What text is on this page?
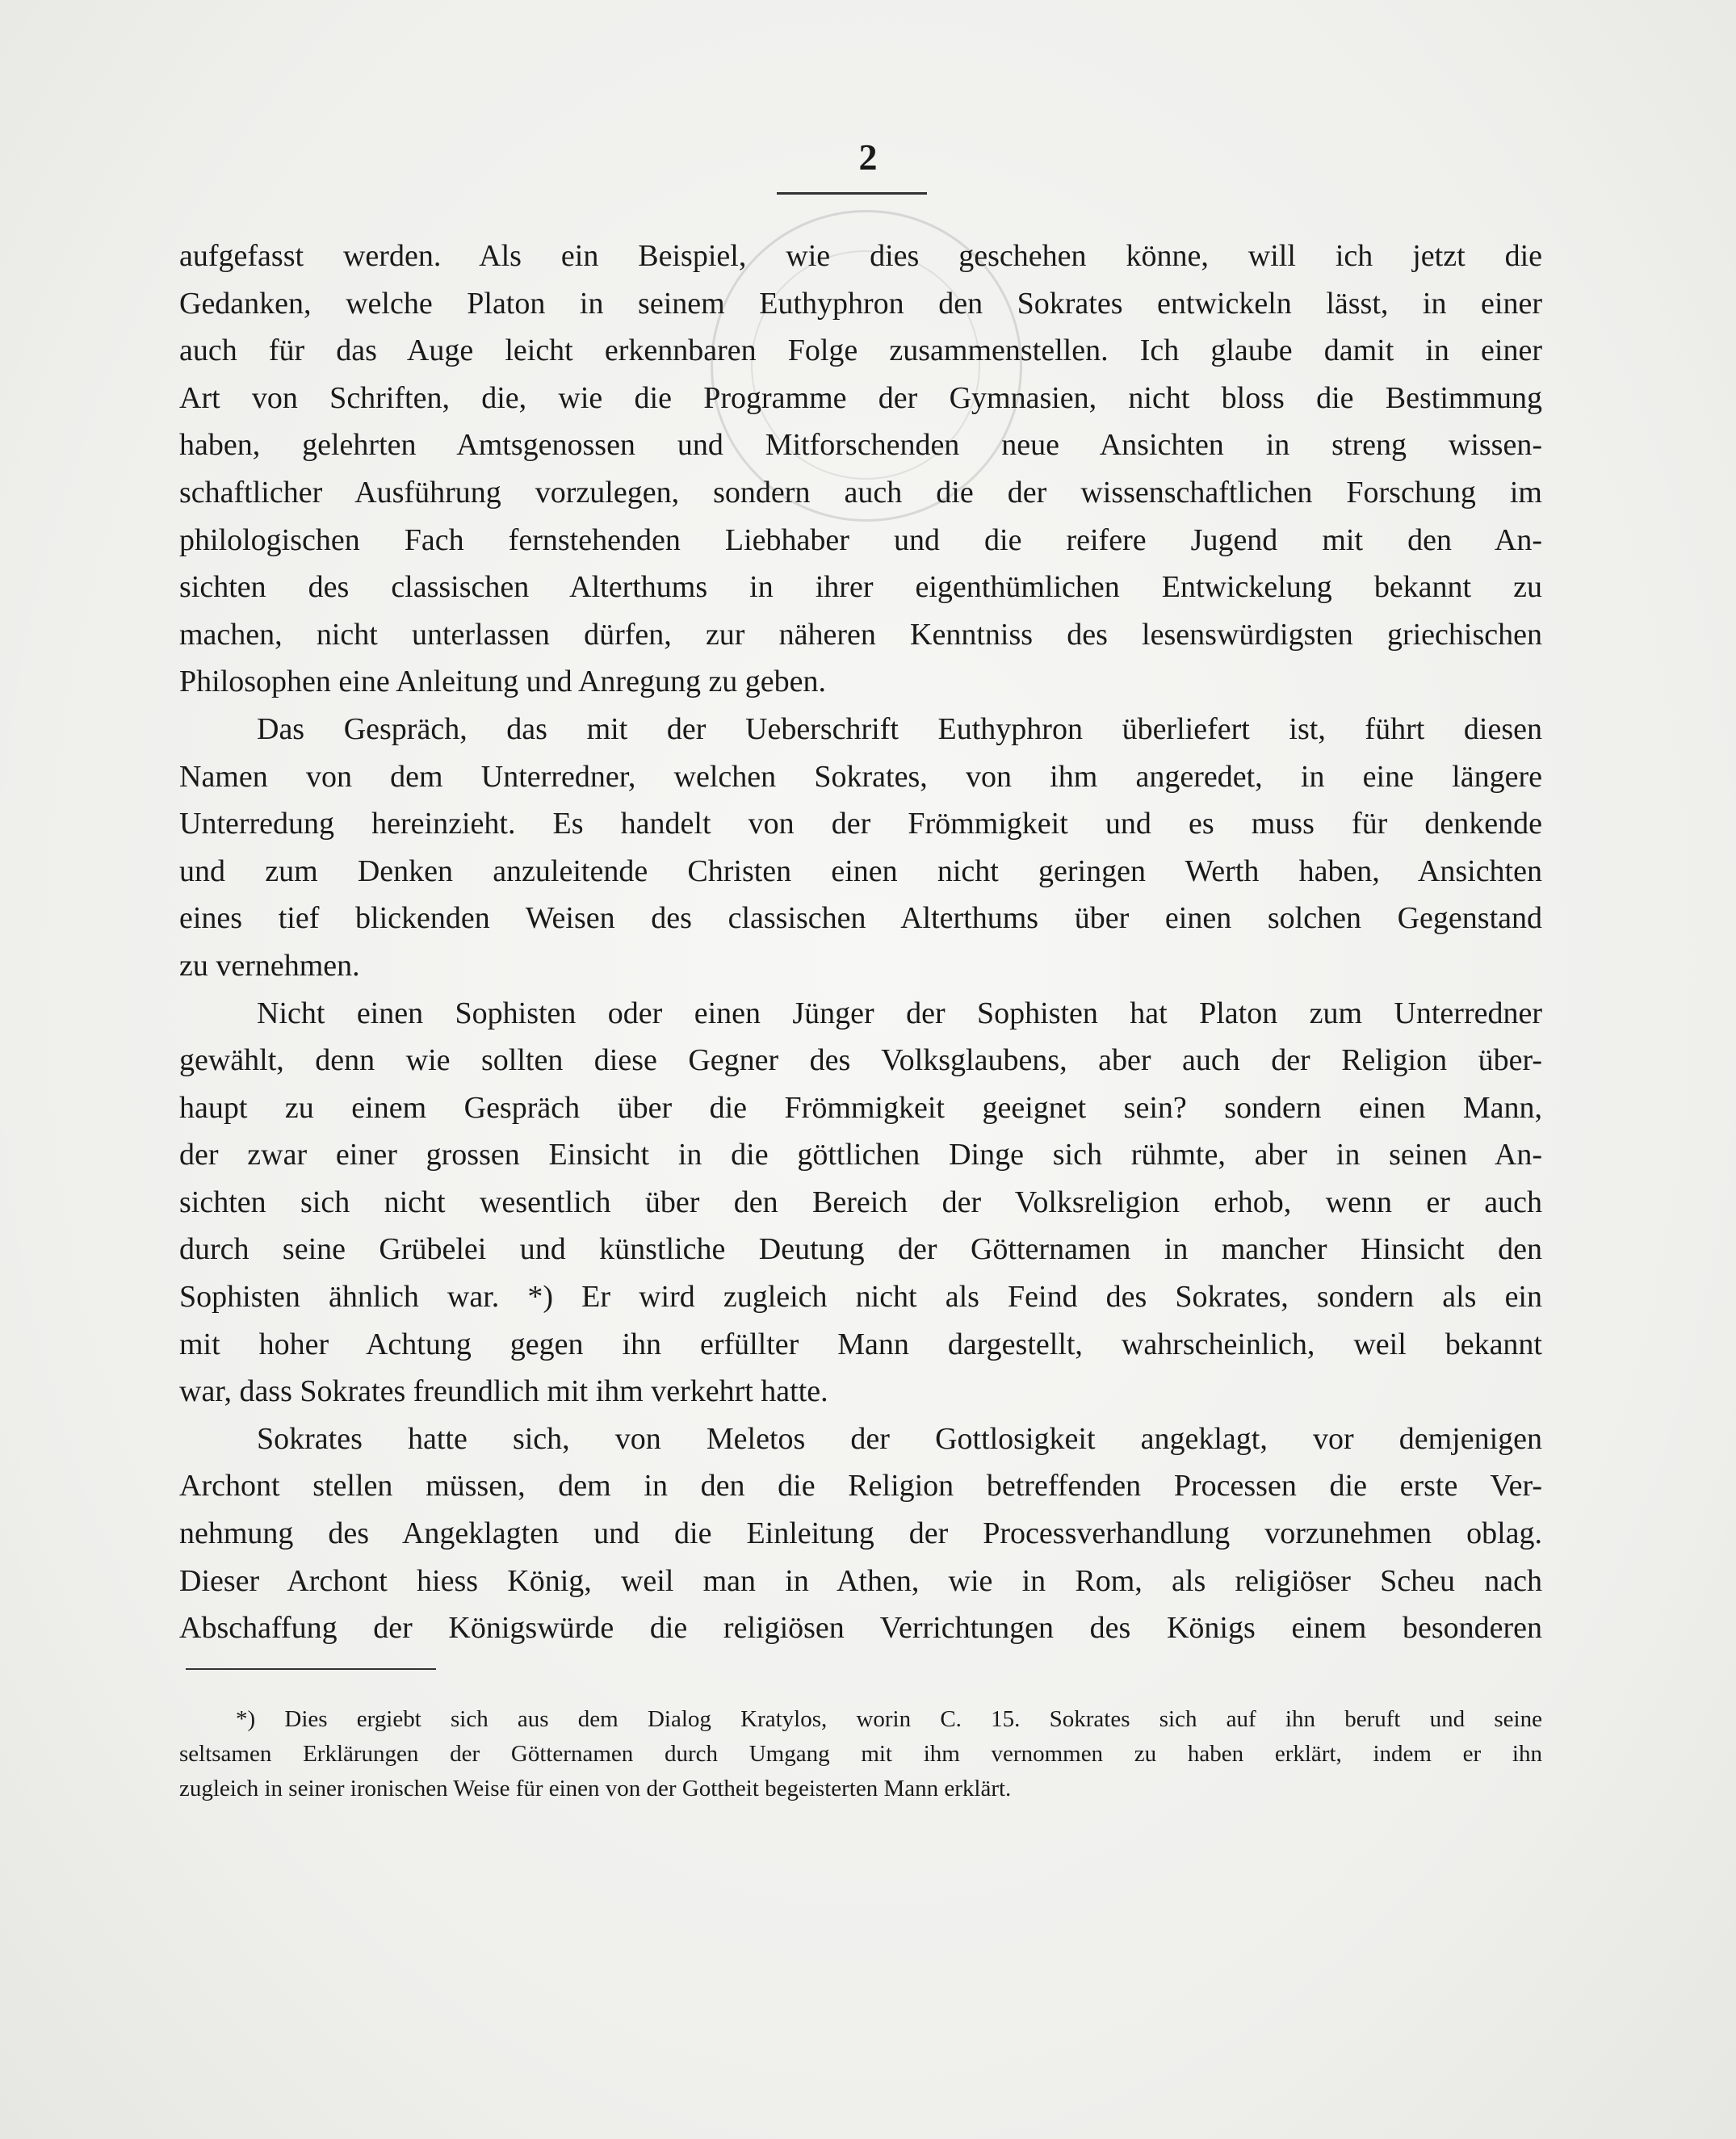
2
aufgefasst werden. Als ein Beispiel, wie dies geschehen könne, will ich jetzt die
Gedanken, welche Platon in seinem Euthyphron den Sokrates entwickeln lässt, in einer
auch für das Auge leicht erkennbaren Folge zusammenstellen. Ich glaube damit in einer
Art von Schriften, die, wie die Programme der Gymnasien, nicht bloss die Bestimmung
haben, gelehrten Amtsgenossen und Mitforschenden neue Ansichten in streng wissen-
schaftlicher Ausführung vorzulegen, sondern auch die der wissenschaftlichen Forschung im
philologischen Fach fernstehenden Liebhaber und die reifere Jugend mit den An-
sichten des classischen Alterthums in ihrer eigenthümlichen Entwickelung bekannt zu
machen, nicht unterlassen dürfen, zur näheren Kenntniss des lesenswürdigsten griechischen
Philosophen eine Anleitung und Anregung zu geben.
Das Gespräch, das mit der Ueberschrift Euthyphron überliefert ist, führt diesen
Namen von dem Unterredner, welchen Sokrates, von ihm angeredet, in eine längere
Unterredung hereinzieht. Es handelt von der Frömmigkeit und es muss für denkende
und zum Denken anzuleitende Christen einen nicht geringen Werth haben, Ansichten
eines tief blickenden Weisen des classischen Alterthums über einen solchen Gegenstand
zu vernehmen.
Nicht einen Sophisten oder einen Jünger der Sophisten hat Platon zum Unterredner
gewählt, denn wie sollten diese Gegner des Volksglaubens, aber auch der Religion über-
haupt zu einem Gespräch über die Frömmigkeit geeignet sein? sondern einen Mann,
der zwar einer grossen Einsicht in die göttlichen Dinge sich rühmte, aber in seinen An-
sichten sich nicht wesentlich über den Bereich der Volksreligion erhob, wenn er auch
durch seine Grübelei und künstliche Deutung der Götternamen in mancher Hinsicht den
Sophisten ähnlich war. *) Er wird zugleich nicht als Feind des Sokrates, sondern als ein
mit hoher Achtung gegen ihn erfüllter Mann dargestellt, wahrscheinlich, weil bekannt
war, dass Sokrates freundlich mit ihm verkehrt hatte.
Sokrates hatte sich, von Meletos der Gottlosigkeit angeklagt, vor demjenigen
Archont stellen müssen, dem in den die Religion betreffenden Processen die erste Ver-
nehmung des Angeklagten und die Einleitung der Processverhandlung vorzunehmen oblag.
Dieser Archont hiess König, weil man in Athen, wie in Rom, als religiöser Scheu nach
Abschaffung der Königswürde die religiösen Verrichtungen des Königs einem besonderen
*) Dies ergiebt sich aus dem Dialog Kratylos, worin C. 15. Sokrates sich auf ihn beruft und seine
seltsamen Erklärungen der Götternamen durch Umgang mit ihm vernommen zu haben erklärt, indem er ihn
zugleich in seiner ironischen Weise für einen von der Gottheit begeisterten Mann erklärt.
